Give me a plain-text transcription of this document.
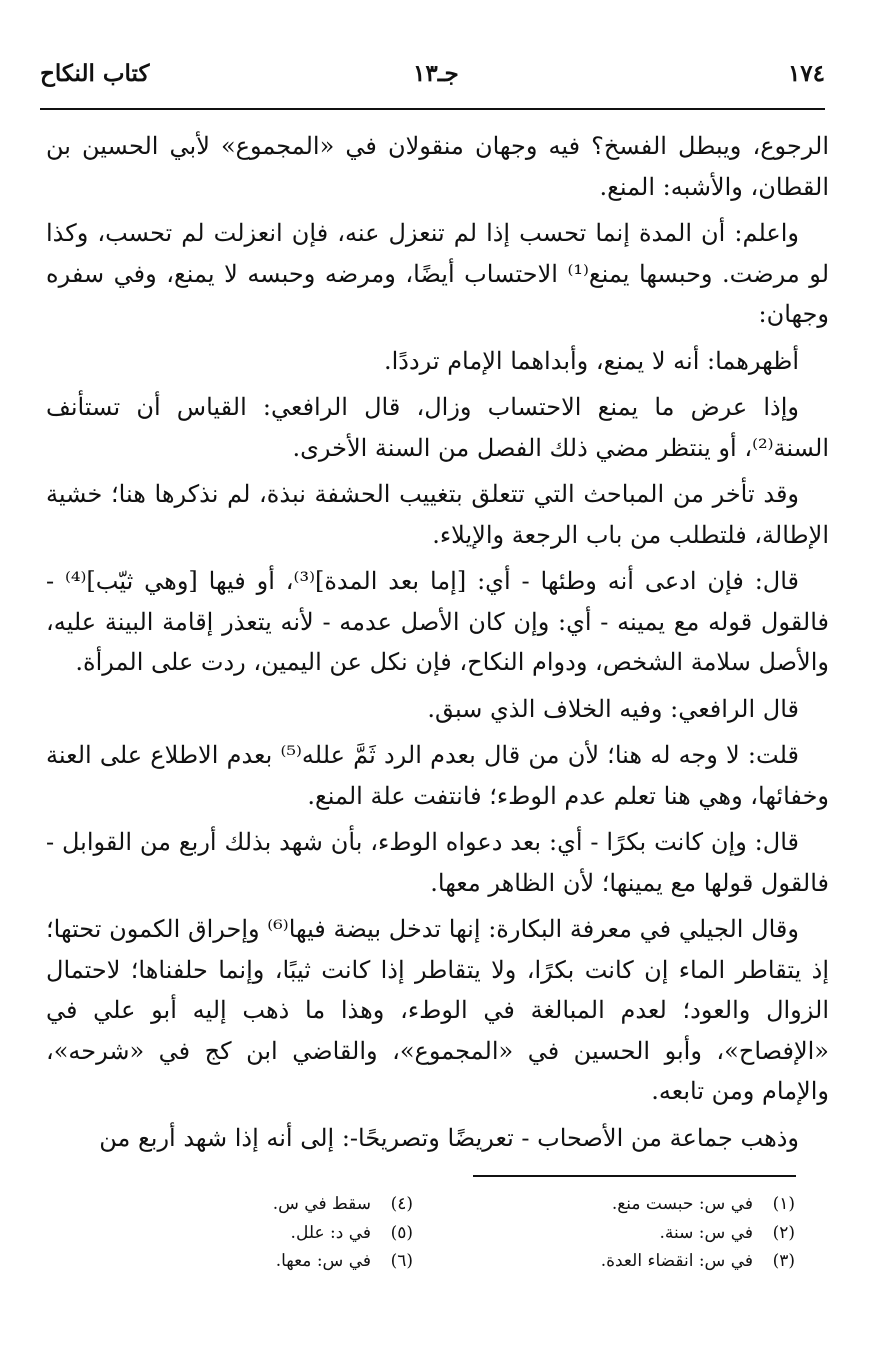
١٧٤
جـ١٣
كتاب النكاح

الرجوع، ويبطل الفسخ؟ فيه وجهان منقولان في «المجموع» لأبي الحسين بن القطان، والأشبه: المنع.

واعلم: أن المدة إنما تحسب إذا لم تنعزل عنه، فإن انعزلت لم تحسب، وكذا لو مرضت. وحبسها يمنع⁽¹⁾ الاحتساب أيضًا، ومرضه وحبسه لا يمنع، وفي سفره وجهان:

أظهرهما: أنه لا يمنع، وأبداهما الإمام ترددًا.

وإذا عرض ما يمنع الاحتساب وزال، قال الرافعي: القياس أن تستأنف السنة⁽²⁾، أو ينتظر مضي ذلك الفصل من السنة الأخرى.

وقد تأخر من المباحث التي تتعلق بتغييب الحشفة نبذة، لم نذكرها هنا؛ خشية الإطالة، فلتطلب من باب الرجعة والإيلاء.

قال: فإن ادعى أنه وطئها - أي: [إما بعد المدة]⁽³⁾، أو فيها [وهي ثيّب]⁽⁴⁾ - فالقول قوله مع يمينه - أي: وإن كان الأصل عدمه - لأنه يتعذر إقامة البينة عليه، والأصل سلامة الشخص، ودوام النكاح، فإن نكل عن اليمين، ردت على المرأة.

قال الرافعي: وفيه الخلاف الذي سبق.

قلت: لا وجه له هنا؛ لأن من قال بعدم الرد ثَمَّ علله⁽⁵⁾ بعدم الاطلاع على العنة وخفائها، وهي هنا تعلم عدم الوطء؛ فانتفت علة المنع.

قال: وإن كانت بكرًا - أي: بعد دعواه الوطء، بأن شهد بذلك أربع من القوابل - فالقول قولها مع يمينها؛ لأن الظاهر معها.

وقال الجيلي في معرفة البكارة: إنها تدخل بيضة فيها⁽⁶⁾ وإحراق الكمون تحتها؛ إذ يتقاطر الماء إن كانت بكرًا، ولا يتقاطر إذا كانت ثيبًا، وإنما حلفناها؛ لاحتمال الزوال والعود؛ لعدم المبالغة في الوطء، وهذا ما ذهب إليه أبو علي في «الإفصاح»، وأبو الحسين في «المجموع»، والقاضي ابن كج في «شرحه»، والإمام ومن تابعه.

وذهب جماعة من الأصحاب - تعريضًا وتصريحًا-: إلى أنه إذا شهد أربع من

(١)في س: حبست منع.
(٢)في س: سنة.
(٣)في س: انقضاء العدة.
(٤)سقط في س.
(٥)في د: علل.
(٦)في س: معها.
